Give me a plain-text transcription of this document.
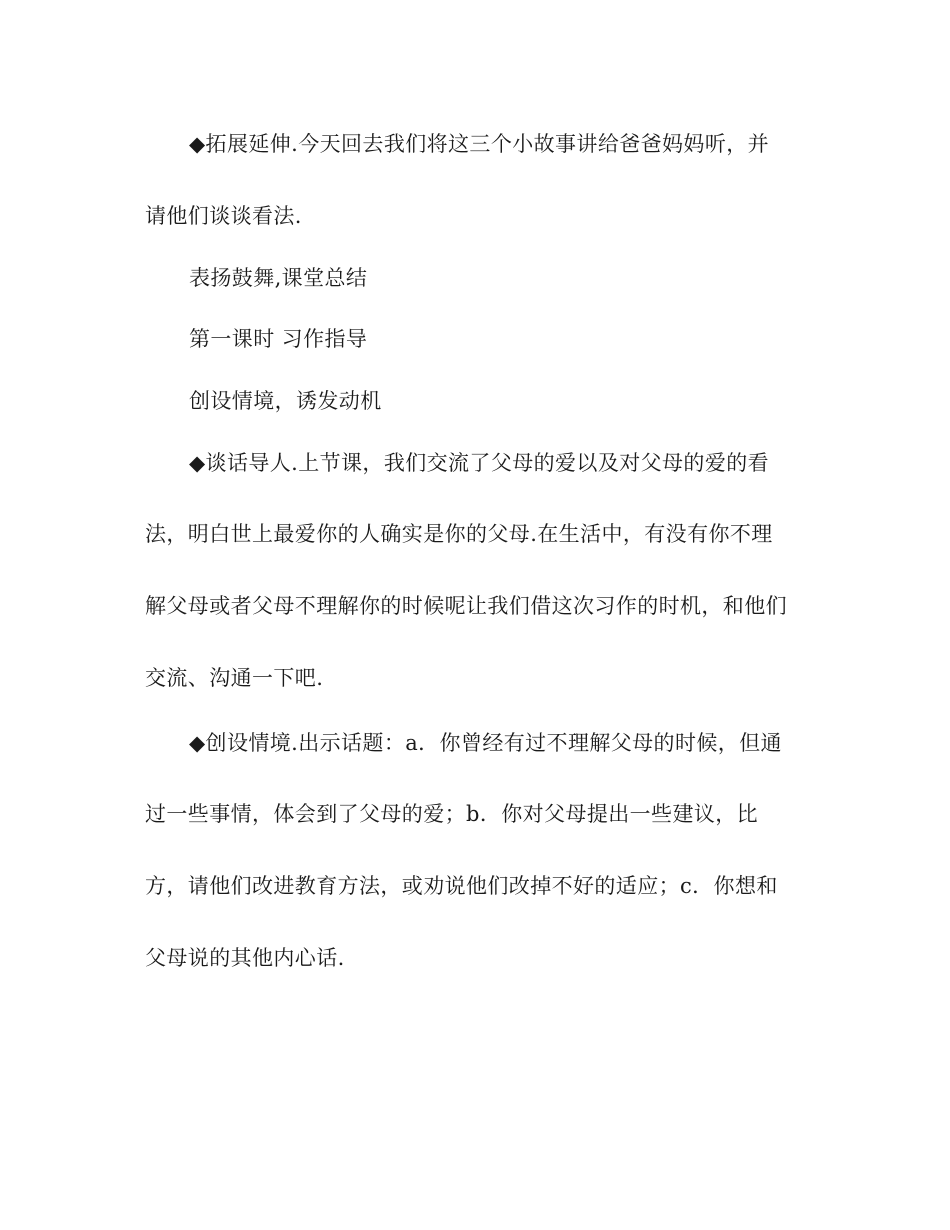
◆拓展延伸.今天回去我们将这三个小故事讲给爸爸妈妈听，并
请他们谈谈看法.
表扬鼓舞,课堂总结
第一课时 习作指导
创设情境，诱发动机
◆谈话导人.上节课，我们交流了父母的爱以及对父母的爱的看
法，明白世上最爱你的人确实是你的父母.在生活中，有没有你不理
解父母或者父母不理解你的时候呢让我们借这次习作的时机，和他们
交流、沟通一下吧.
◆创设情境.出示话题：a．你曾经有过不理解父母的时候，但通
过一些事情，体会到了父母的爱；b．你对父母提出一些建议，比
方，请他们改进教育方法，或劝说他们改掉不好的适应；c．你想和
父母说的其他内心话.
